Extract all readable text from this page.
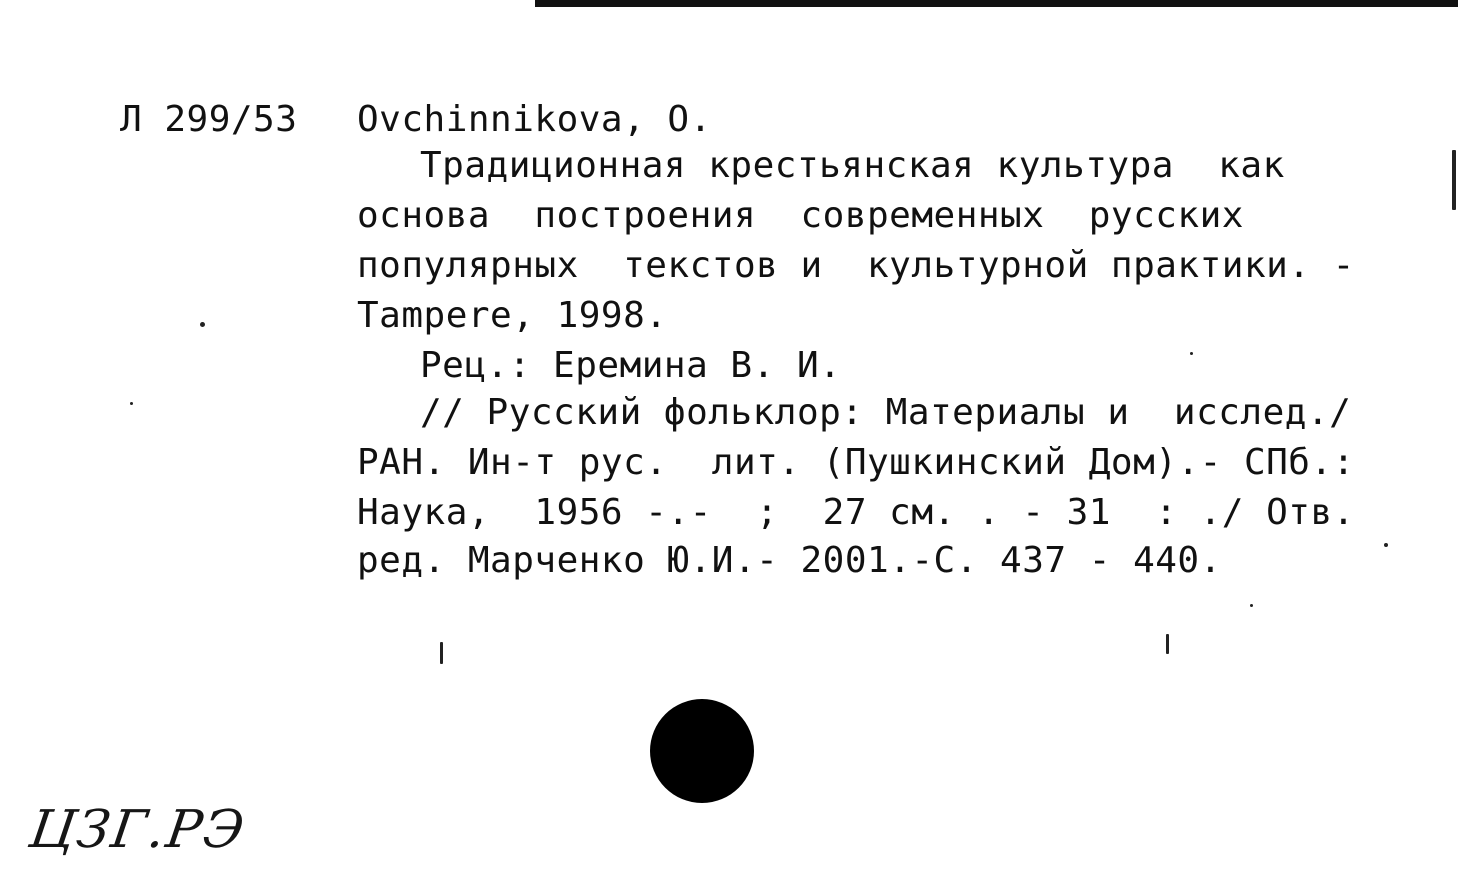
Л 299/53 Ovchinnikova, O.
Традиционная крестьянская культура  как
основа  построения  современных  русских
популярных  текстов и  культурной практики. -
Tampere, 1998.
Рец.: Еремина В. И.
// Русский фольклор: Материалы и  исслед./
РАН. Ин-т рус.  лит. (Пушкинский Дом).- СПб.:
Наука,  1956 -.-  ;  27 см. . - 31  : ./ Отв.
ред. Марченко Ю.И.- 2001.-С. 437 - 440.
ЦЗГ.РЭ
